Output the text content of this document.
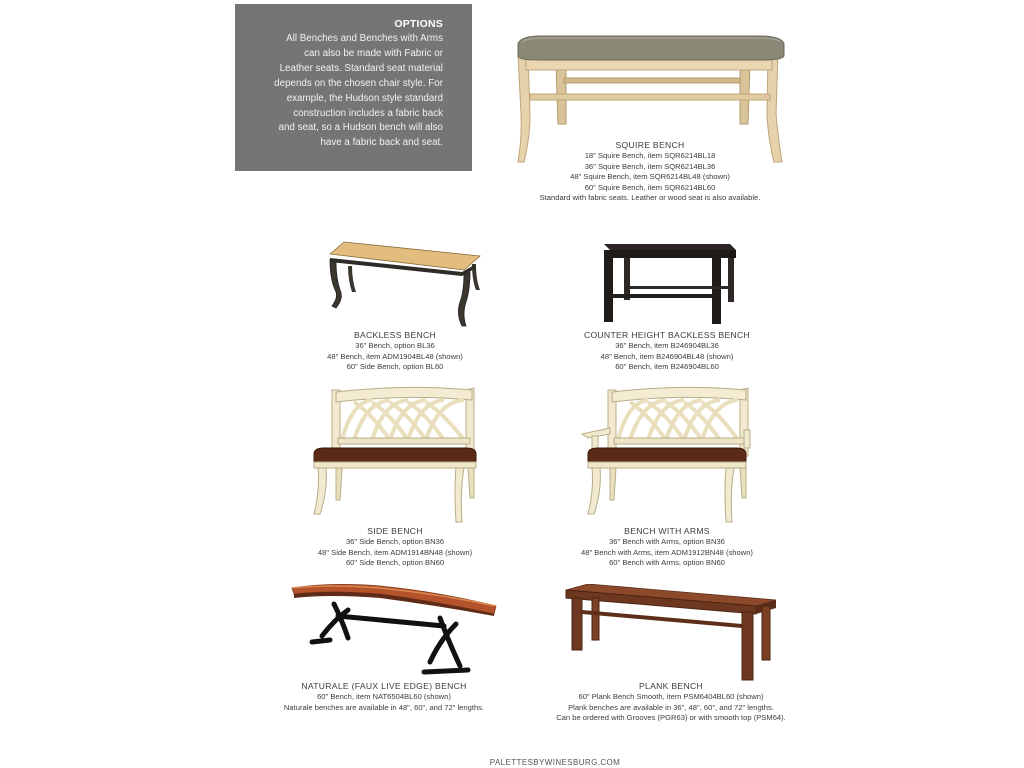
OPTIONS

All Benches and Benches with Arms
can also be made with Fabric or
Leather seats. Standard seat material
depends on the chosen chair style. For
example, the Hudson style standard
construction includes a fabric back
and seat, so a Hudson bench will also
have a fabric back and seat.	SQUIRE BENCH
18" Squire Bench, item SQR6214BL18
36" Squire Bench, item SQR6214BL36
48" Squire Bench, item SQR6214BL48 (shown)
60" Squire Bench, item SQR6214BL60
Standard with fabric seats. Leather or wood seat is also available.
BACKLESS BENCH
36" Bench, option BL36
48" Bench, item ADM1904BL48 (shown)
60" Side Bench, option BL60
COUNTER HEIGHT BACKLESS BENCH
36" Bench, item B246904BL36
48" Bench, item B246904BL48 (shown)
60" Bench, item B246904BL60
SIDE BENCH
36" Side Bench, option BN36
48" Side Bench, item ADM1914BN48 (shown)
60" Side Bench, option BN60
BENCH WITH ARMS
36" Bench with Arms, option BN36
48" Bench with Arms, item ADM1912BN48 (shown)
60" Bench with Arms, option BN60
NATURALE (FAUX LIVE EDGE) BENCH
60" Bench, item NAT6504BL60 (shown)
Naturale benches are available in 48", 60", and 72" lengths.
PLANK BENCH
60" Plank Bench Smooth, item PSM6404BL60 (shown)
Plank benches are available in 36", 48", 60", and 72" lengths.
Can be ordered with Grooves (PGR63) or with smooth top (PSM64).
PALETTESBYWINESBURG.COM
